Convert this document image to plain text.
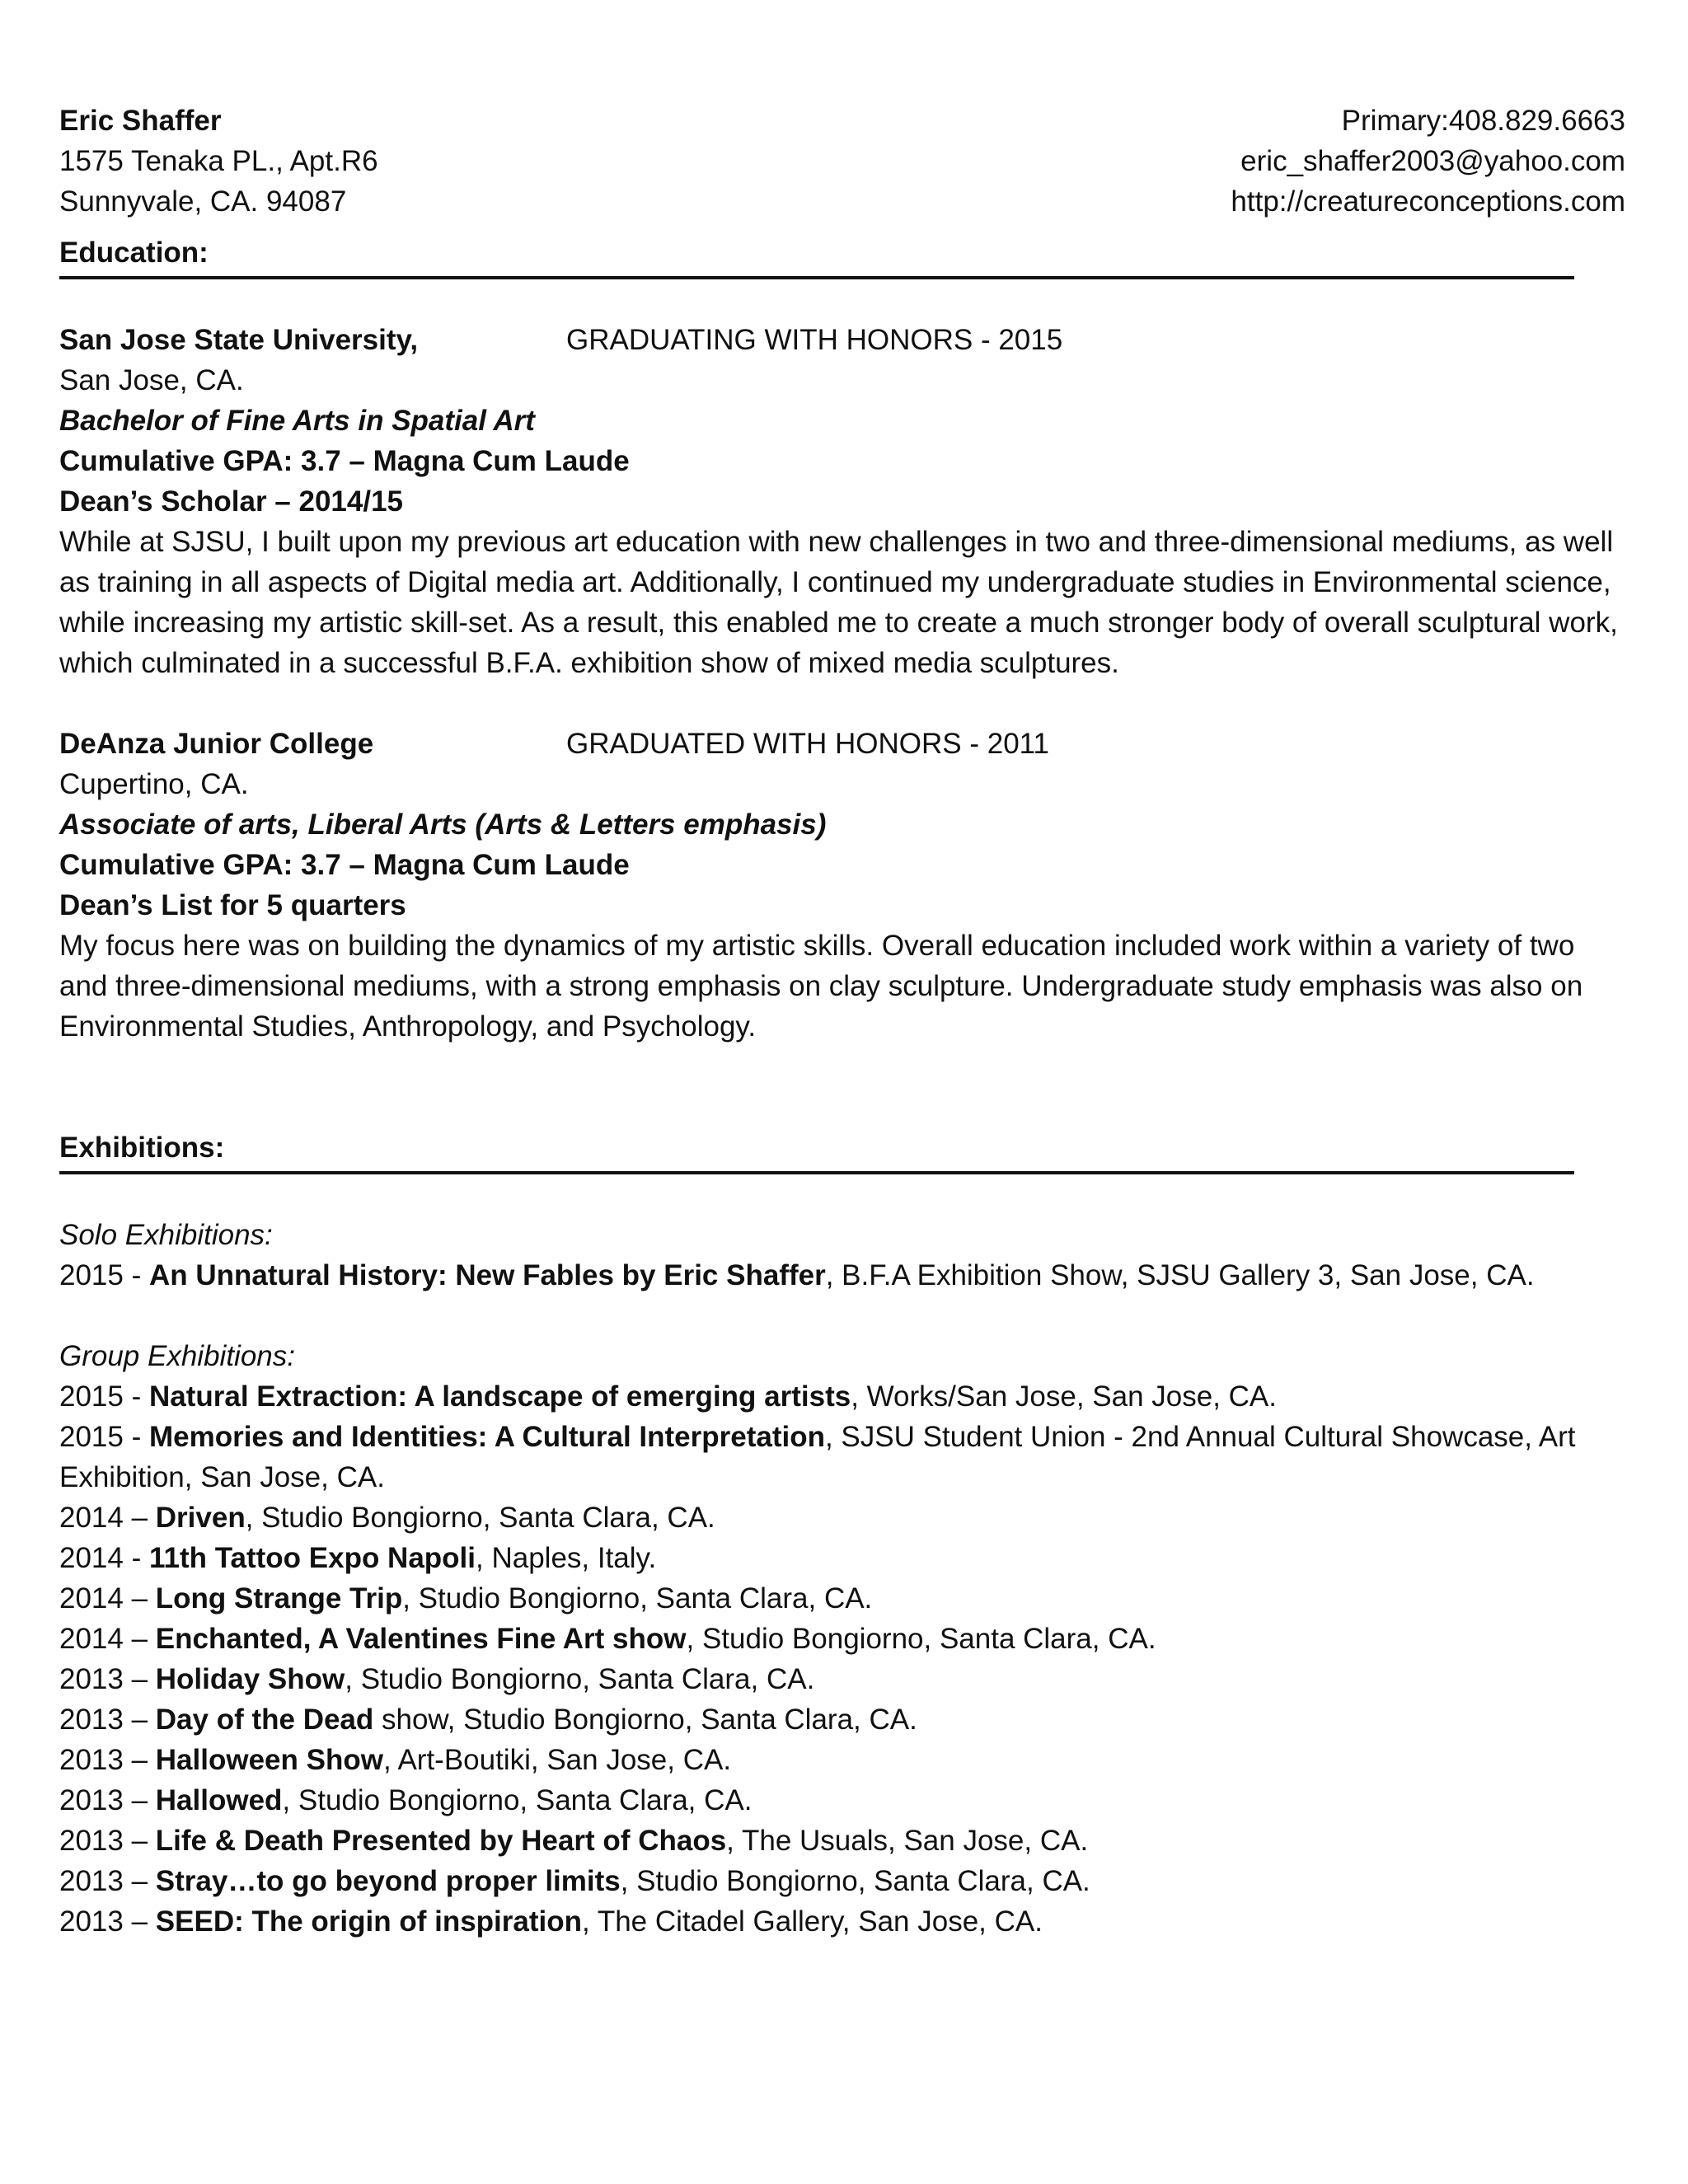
Eric Shaffer
1575 Tenaka PL., Apt.R6
Sunnyvale, CA. 94087
Primary:408.829.6663
eric_shaffer2003@yahoo.com
http://creatureconceptions.com
Education:
San Jose State University,	GRADUATING WITH HONORS - 2015
San Jose, CA.
Bachelor of Fine Arts in Spatial Art
Cumulative GPA: 3.7 – Magna Cum Laude
Dean’s Scholar – 2014/15
While at SJSU, I built upon my previous art education with new challenges in two and three-dimensional mediums, as well as training in all aspects of Digital media art. Additionally, I continued my undergraduate studies in Environmental science, while increasing my artistic skill-set. As a result, this enabled me to create a much stronger body of overall sculptural work, which culminated in a successful B.F.A. exhibition show of mixed media sculptures.
DeAnza Junior College	GRADUATED WITH HONORS - 2011
Cupertino, CA.
Associate of arts, Liberal Arts (Arts & Letters emphasis)
Cumulative GPA: 3.7 – Magna Cum Laude
Dean’s List for 5 quarters
My focus here was on building the dynamics of my artistic skills. Overall education included work within a variety of two and three-dimensional mediums, with a strong emphasis on clay sculpture. Undergraduate study emphasis was also on Environmental Studies, Anthropology, and Psychology.
Exhibitions:
Solo Exhibitions:
2015 - An Unnatural History: New Fables by Eric Shaffer, B.F.A Exhibition Show, SJSU Gallery 3, San Jose, CA.
Group Exhibitions:
2015 - Natural Extraction: A landscape of emerging artists, Works/San Jose, San Jose, CA.
2015 - Memories and Identities: A Cultural Interpretation, SJSU Student Union - 2nd Annual Cultural Showcase, Art Exhibition, San Jose, CA.
2014 – Driven, Studio Bongiorno, Santa Clara, CA.
2014 - 11th Tattoo Expo Napoli, Naples, Italy.
2014 – Long Strange Trip, Studio Bongiorno, Santa Clara, CA.
2014 – Enchanted, A Valentines Fine Art show, Studio Bongiorno, Santa Clara, CA.
2013 – Holiday Show, Studio Bongiorno, Santa Clara, CA.
2013 – Day of the Dead show, Studio Bongiorno, Santa Clara, CA.
2013 – Halloween Show, Art-Boutiki, San Jose, CA.
2013 – Hallowed, Studio Bongiorno, Santa Clara, CA.
2013 – Life & Death Presented by Heart of Chaos, The Usuals, San Jose, CA.
2013 – Stray…to go beyond proper limits, Studio Bongiorno, Santa Clara, CA.
2013 – SEED: The origin of inspiration, The Citadel Gallery, San Jose, CA.
